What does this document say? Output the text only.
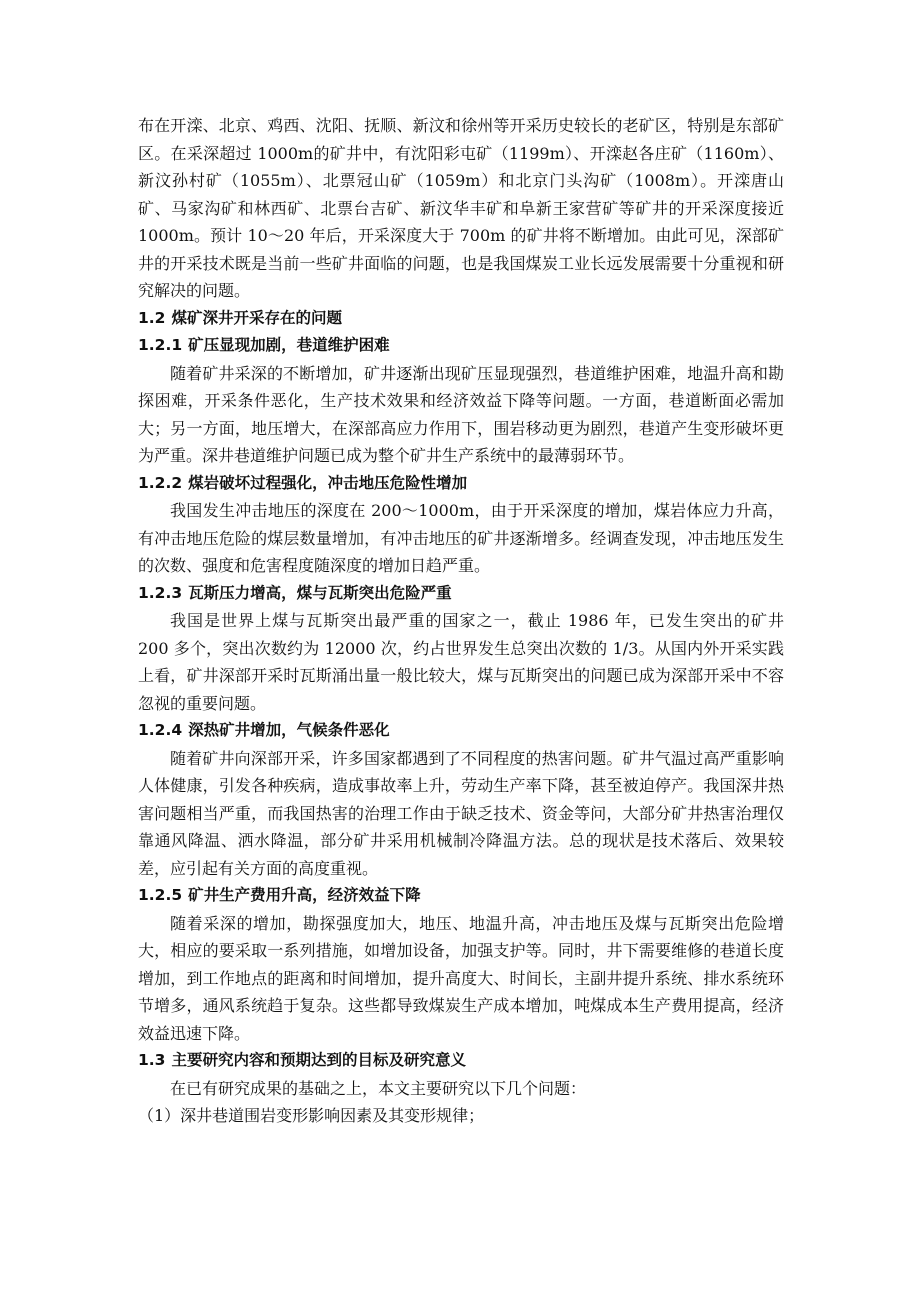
布在开滦、北京、鸡西、沈阳、抚顺、新汶和徐州等开采历史较长的老矿区，特别是东部矿区。在采深超过 1000m的矿井中，有沈阳彩屯矿（1199m）、开滦赵各庄矿（1160m）、新汶孙村矿（1055m）、北票冠山矿（1059m）和北京门头沟矿（1008m）。开滦唐山矿、马家沟矿和林西矿、北票台吉矿、新汶华丰矿和阜新王家营矿等矿井的开采深度接近 1000m。预计 10～20 年后，开采深度大于 700m 的矿井将不断增加。由此可见，深部矿井的开采技术既是当前一些矿井面临的问题，也是我国煤炭工业长远发展需要十分重视和研究解决的问题。

1.2 煤矿深井开采存在的问题
1.2.1 矿压显现加剧，巷道维护困难

随着矿井采深的不断增加，矿井逐渐出现矿压显现强烈，巷道维护困难，地温升高和勘探困难，开采条件恶化，生产技术效果和经济效益下降等问题。一方面，巷道断面必需加大；另一方面，地压增大，在深部高应力作用下，围岩移动更为剧烈，巷道产生变形破坏更为严重。深井巷道维护问题已成为整个矿井生产系统中的最薄弱环节。

1.2.2 煤岩破坏过程强化，冲击地压危险性增加

我国发生冲击地压的深度在 200～1000m，由于开采深度的增加，煤岩体应力升高，有冲击地压危险的煤层数量增加，有冲击地压的矿井逐渐增多。经调查发现，冲击地压发生的次数、强度和危害程度随深度的增加日趋严重。

1.2.3 瓦斯压力增高，煤与瓦斯突出危险严重

我国是世界上煤与瓦斯突出最严重的国家之一，截止 1986 年，已发生突出的矿井 200 多个，突出次数约为 12000 次，约占世界发生总突出次数的 1/3。从国内外开采实践上看，矿井深部开采时瓦斯涌出量一般比较大，煤与瓦斯突出的问题已成为深部开采中不容忽视的重要问题。

1.2.4 深热矿井增加，气候条件恶化

随着矿井向深部开采，许多国家都遇到了不同程度的热害问题。矿井气温过高严重影响人体健康，引发各种疾病，造成事故率上升，劳动生产率下降，甚至被迫停产。我国深井热害问题相当严重，而我国热害的治理工作由于缺乏技术、资金等问，大部分矿井热害治理仅靠通风降温、洒水降温，部分矿井采用机械制冷降温方法。总的现状是技术落后、效果较差，应引起有关方面的高度重视。

1.2.5 矿井生产费用升高，经济效益下降

随着采深的增加，勘探强度加大，地压、地温升高，冲击地压及煤与瓦斯突出危险增大，相应的要采取一系列措施，如增加设备，加强支护等。同时，井下需要维修的巷道长度增加，到工作地点的距离和时间增加，提升高度大、时间长，主副井提升系统、排水系统环节增多，通风系统趋于复杂。这些都导致煤炭生产成本增加，吨煤成本生产费用提高，经济效益迅速下降。

1.3 主要研究内容和预期达到的目标及研究意义

在已有研究成果的基础之上，本文主要研究以下几个问题：

（1）深井巷道围岩变形影响因素及其变形规律；
